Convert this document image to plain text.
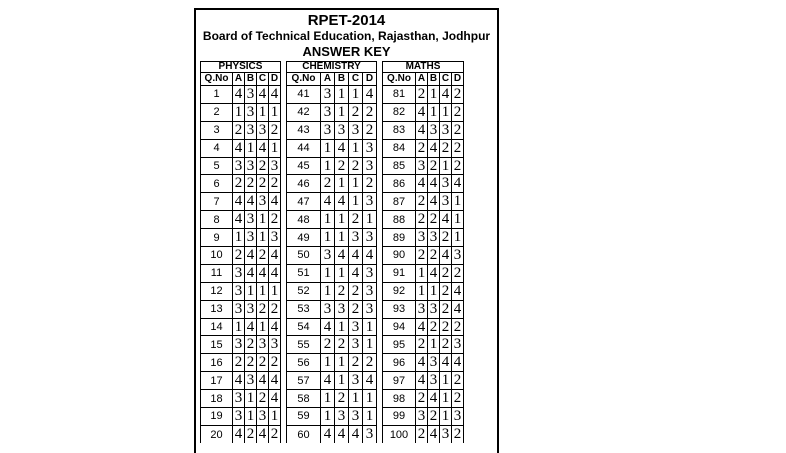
RPET-2014
Board of Technical Education, Rajasthan, Jodhpur
ANSWER KEY
PHYSICS				
Q.No	A	B	C	D
1	4	3	4	4
2	1	3	1	1
3	2	3	3	2
4	4	1	4	1
5	3	3	2	3
6	2	2	2	2
7	4	4	3	4
8	4	3	1	2
9	1	3	1	3
10	2	4	2	4
11	3	4	4	4
12	3	1	1	1
13	3	3	2	2
14	1	4	1	4
15	3	2	3	3
16	2	2	2	2
17	4	3	4	4
18	3	1	2	4
19	3	1	3	1
20	4	2	4	2
CHEMISTRY				
Q.No	A	B	C	D
41	3	1	1	4
42	3	1	2	2
43	3	3	3	2
44	1	4	1	3
45	1	2	2	3
46	2	1	1	2
47	4	4	1	3
48	1	1	2	1
49	1	1	3	3
50	3	4	4	4
51	1	1	4	3
52	1	2	2	3
53	3	3	2	3
54	4	1	3	1
55	2	2	3	1
56	1	1	2	2
57	4	1	3	4
58	1	2	1	1
59	1	3	3	1
60	4	4	4	3
MATHS				
Q.No	A	B	C	D
81	2	1	4	2
82	4	1	1	2
83	4	3	3	2
84	2	4	2	2
85	3	2	1	2
86	4	4	3	4
87	2	4	3	1
88	2	2	4	1
89	3	3	2	1
90	2	2	4	3
91	1	4	2	2
92	1	1	2	4
93	3	3	2	4
94	4	2	2	2
95	2	1	2	3
96	4	3	4	4
97	4	3	1	2
98	2	4	1	2
99	3	2	1	3
100	2	4	3	2
